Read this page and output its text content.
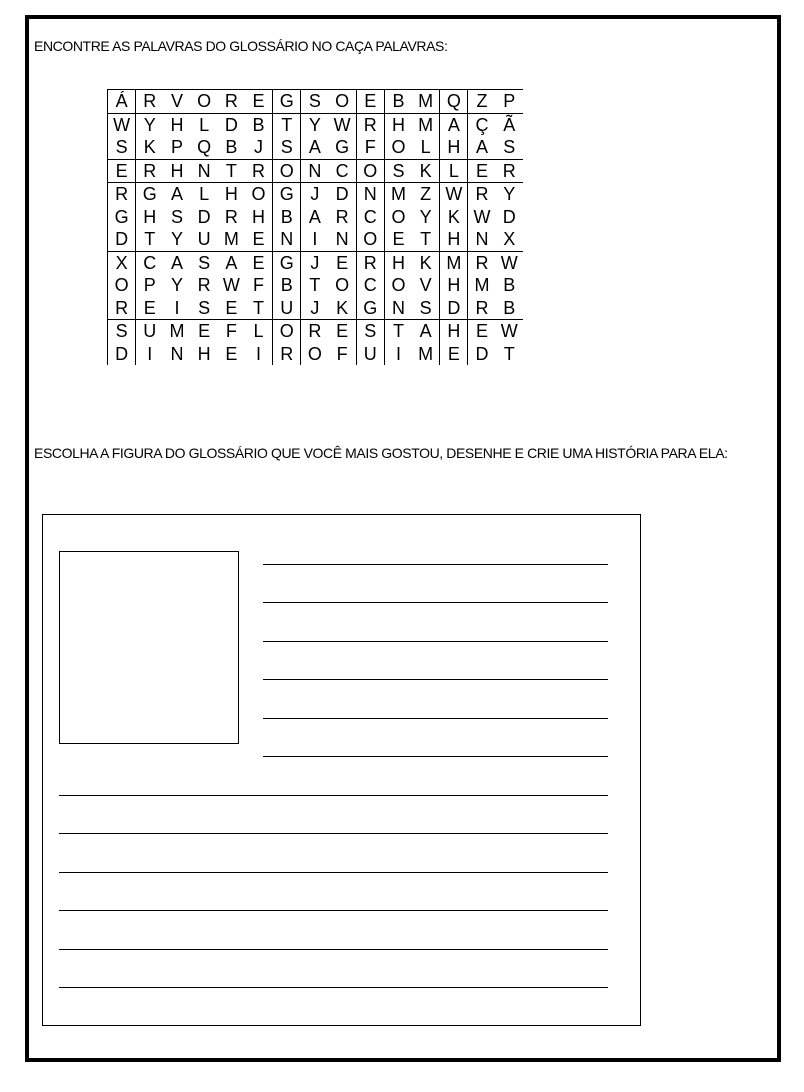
ENCONTRE AS PALAVRAS DO GLOSSÁRIO NO CAÇA PALAVRAS:
Á	R	V	O	R	E	G	S	O	E	B	M	Q	Z	P
W	Y	H	L	D	B	T	Y	W	R	H	M	A	Ç	Ã
S	K	P	Q	B	J	S	A	G	F	O	L	H	A	S
E	R	H	N	T	R	O	N	C	O	S	K	L	E	R
R	G	A	L	H	O	G	J	D	N	M	Z	W	R	Y
G	H	S	D	R	H	B	A	R	C	O	Y	K	W	D
D	T	Y	U	M	E	N	I	N	O	E	T	H	N	X
X	C	A	S	A	E	G	J	E	R	H	K	M	R	W
O	P	Y	R	W	F	B	T	O	C	O	V	H	M	B
R	E	I	S	E	T	U	J	K	G	N	S	D	R	B
S	U	M	E	F	L	O	R	E	S	T	A	H	E	W
D	I	N	H	E	I	R	O	F	U	I	M	E	D	T
ESCOLHA A FIGURA DO GLOSSÁRIO QUE VOCÊ MAIS GOSTOU, DESENHE E CRIE UMA HISTÓRIA PARA ELA:
